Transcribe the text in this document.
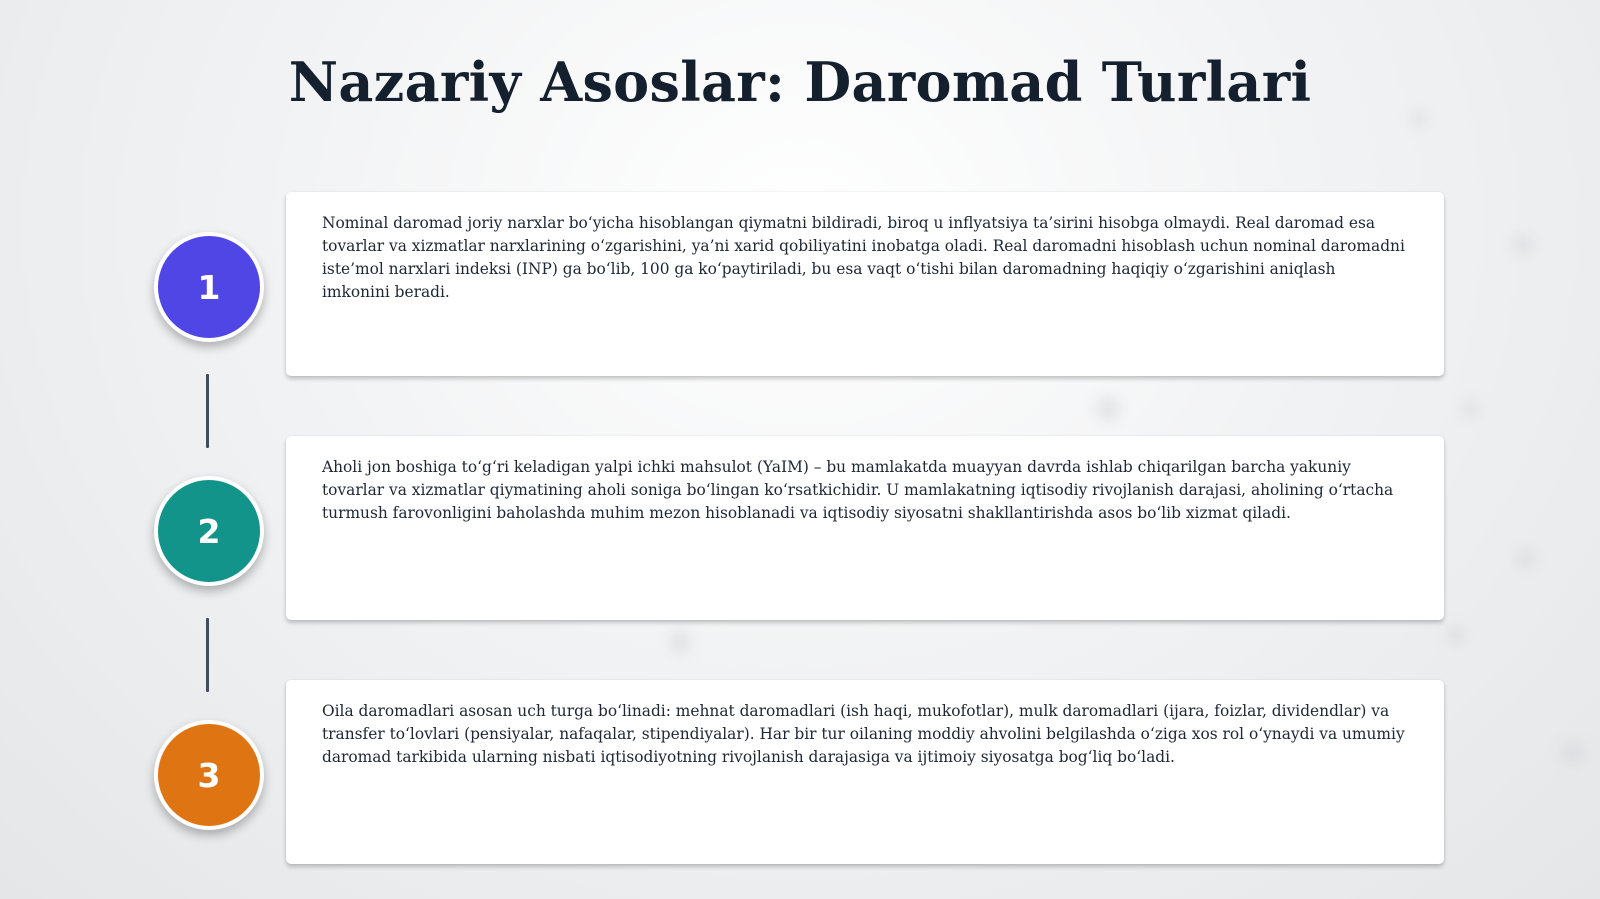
Nazariy Asoslar: Daromad Turlari
1
2
3

Nominal daromad joriy narxlar bo‘yicha hisoblangan qiymatni bildiradi, biroq u inflyatsiya ta’sirini hisobga olmaydi. Real daromad esa tovarlar va xizmatlar narxlarining o‘zgarishini, ya’ni xarid qobiliyatini inobatga oladi. Real daromadni hisoblash uchun nominal daromadni iste’mol narxlari indeksi (INP) ga bo‘lib, 100 ga ko‘paytiriladi, bu esa vaqt o‘tishi bilan daromadning haqiqiy o‘zgarishini aniqlash imkonini beradi.

Aholi jon boshiga to‘g‘ri keladigan yalpi ichki mahsulot (YaIM) – bu mamlakatda muayyan davrda ishlab chiqarilgan barcha yakuniy tovarlar va xizmatlar qiymatining aholi soniga bo‘lingan ko‘rsatkichidir. U mamlakatning iqtisodiy rivojlanish darajasi, aholining o‘rtacha turmush farovonligini baholashda muhim mezon hisoblanadi va iqtisodiy siyosatni shakllantirishda asos bo‘lib xizmat qiladi.

Oila daromadlari asosan uch turga bo‘linadi: mehnat daromadlari (ish haqi, mukofotlar), mulk daromadlari (ijara, foizlar, dividendlar) va transfer to‘lovlari (pensiyalar, nafaqalar, stipendiyalar). Har bir tur oilaning moddiy ahvolini belgilashda o‘ziga xos rol o‘ynaydi va umumiy daromad tarkibida ularning nisbati iqtisodiyotning rivojlanish darajasiga va ijtimoiy siyosatga bog‘liq bo‘ladi.
